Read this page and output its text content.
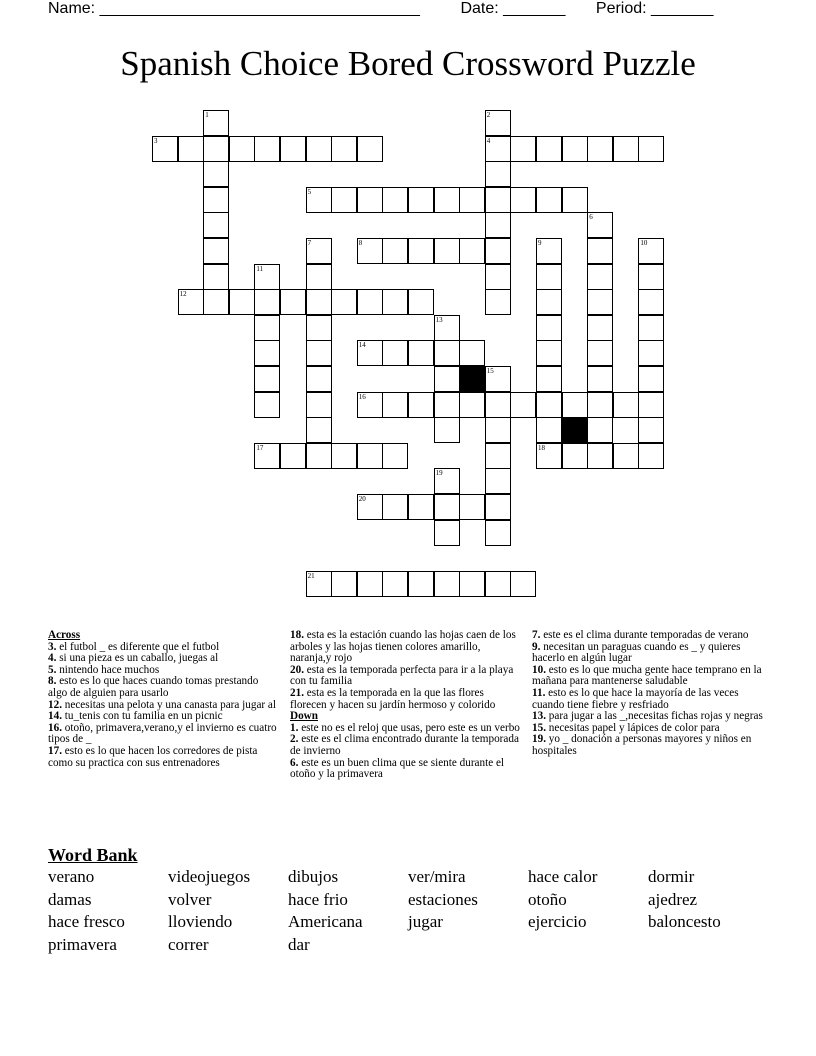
Name: ____________________________________	Date: _______ Period: _______
Spanish Choice Bored Crossword Puzzle
3	4
5
8
12
14
16
17	18
20
21
1	2
6
7	9	10
11
13
15
19

Across

3. el futbol _ es diferente que el futbol

4. si una pieza es un caballo, juegas al

5. nintendo hace muchos

8. esto es lo que haces cuando tomas prestando algo de alguien para usarlo

12. necesitas una pelota y una canasta para jugar al

14. tu_tenis con tu familia en un picnic

16. otoño, primavera,verano,y el invierno es cuatro tipos de _

17. esto es lo que hacen los corredores de pista como su practica con sus entrenadores

18. esta es la estación cuando las hojas caen de los arboles y las hojas tienen colores amarillo, naranja,y rojo

20. esta es la temporada perfecta para ir a la playa con tu familia

21. esta es la temporada en la que las flores florecen y hacen su jardín hermoso y colorido

Down

1. este no es el reloj que usas, pero este es un verbo

2. este es el clima encontrado durante la temporada de invierno

6. este es un buen clima que se siente durante el otoño y la primavera

7. este es el clima durante temporadas de verano

9. necesitan un paraguas cuando es _ y quieres hacerlo en algún lugar

10. esto es lo que mucha gente hace temprano en la mañana para mantenerse saludable

11. esto es lo que hace la mayoría de las veces cuando tiene fiebre y resfriado

13. para jugar a las _,necesitas fichas rojas y negras

15. necesitas papel y lápices de color para

19. yo _ donación a personas mayores y niños en hospitales

Word Bank
verano
damas
hace fresco
primavera
videojuegos
volver
lloviendo
correr
dibujos
hace frio
Americana
dar
ver/mira
estaciones
jugar
hace calor
otoño
ejercicio
dormir
ajedrez
baloncesto
